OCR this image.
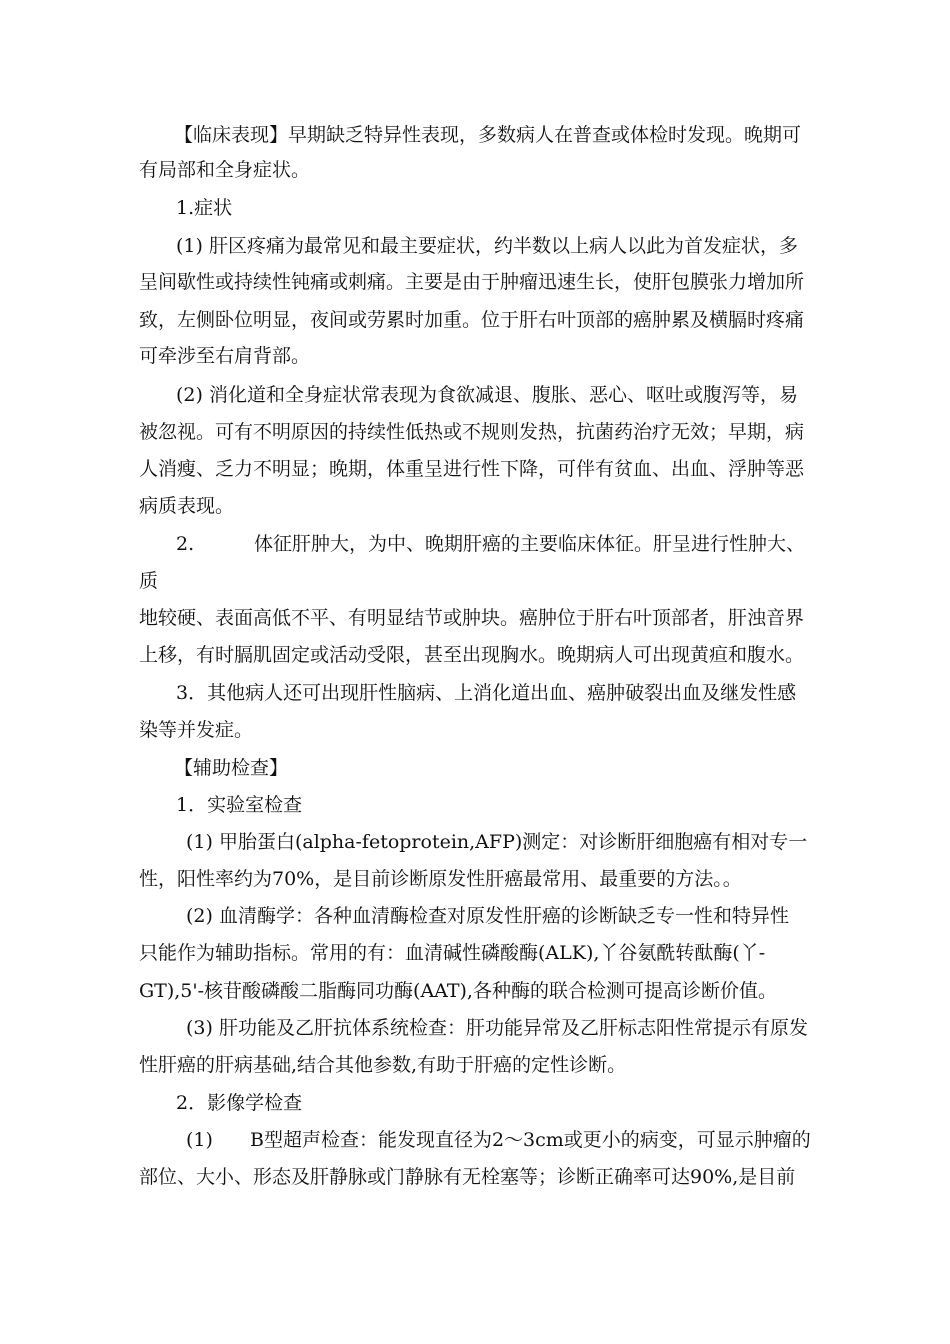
【临床表现】早期缺乏特异性表现，多数病人在普查或体检时发现。晚期可
有局部和全身症状。
1.症状
(1) 肝区疼痛为最常见和最主要症状，约半数以上病人以此为首发症状，多
呈间歇性或持续性钝痛或刺痛。主要是由于肿瘤迅速生长，使肝包膜张力增加所
致，左侧卧位明显，夜间或劳累时加重。位于肝右叶顶部的癌肿累及横膈时疼痛
可牵涉至右肩背部。
(2) 消化道和全身症状常表现为食欲减退、腹胀、恶心、呕吐或腹泻等，易
被忽视。可有不明原因的持续性低热或不规则发热，抗菌药治疗无效；早期，病
人消瘦、乏力不明显；晚期，体重呈进行性下降，可伴有贫血、出血、浮肿等恶
病质表现。
2.	体征肝肿大，为中、晚期肝癌的主要临床体征。肝呈进行性肿大、
质
地较硬、表面高低不平、有明显结节或肿块。癌肿位于肝右叶顶部者，肝浊音界
上移，有时膈肌固定或活动受限，甚至出现胸水。晚期病人可出现黄疸和腹水。
3．其他病人还可出现肝性脑病、上消化道出血、癌肿破裂出血及继发性感
染等并发症。
【辅助检查】
1．实验室检查
(1) 甲胎蛋白(alpha-fetoprotein,AFP)测定：对诊断肝细胞癌有相对专一
性，阳性率约为70%，是目前诊断原发性肝癌最常用、最重要的方法。。
(2) 血清酶学：各种血清酶检查对原发性肝癌的诊断缺乏专一性和特异性
只能作为辅助指标。常用的有：血清碱性磷酸酶(ALK),丫谷氨酰转酞酶(丫-
GT),5'-核苷酸磷酸二脂酶同功酶(AAT),各种酶的联合检测可提高诊断价值。
(3) 肝功能及乙肝抗体系统检查：肝功能异常及乙肝标志阳性常提示有原发
性肝癌的肝病基础,结合其他参数,有助于肝癌的定性诊断。
2．影像学检查
(1) B型超声检查：能发现直径为2～3cm或更小的病变，可显示肿瘤的
部位、大小、形态及肝静脉或门静脉有无栓塞等；诊断正确率可达90%,是目前
